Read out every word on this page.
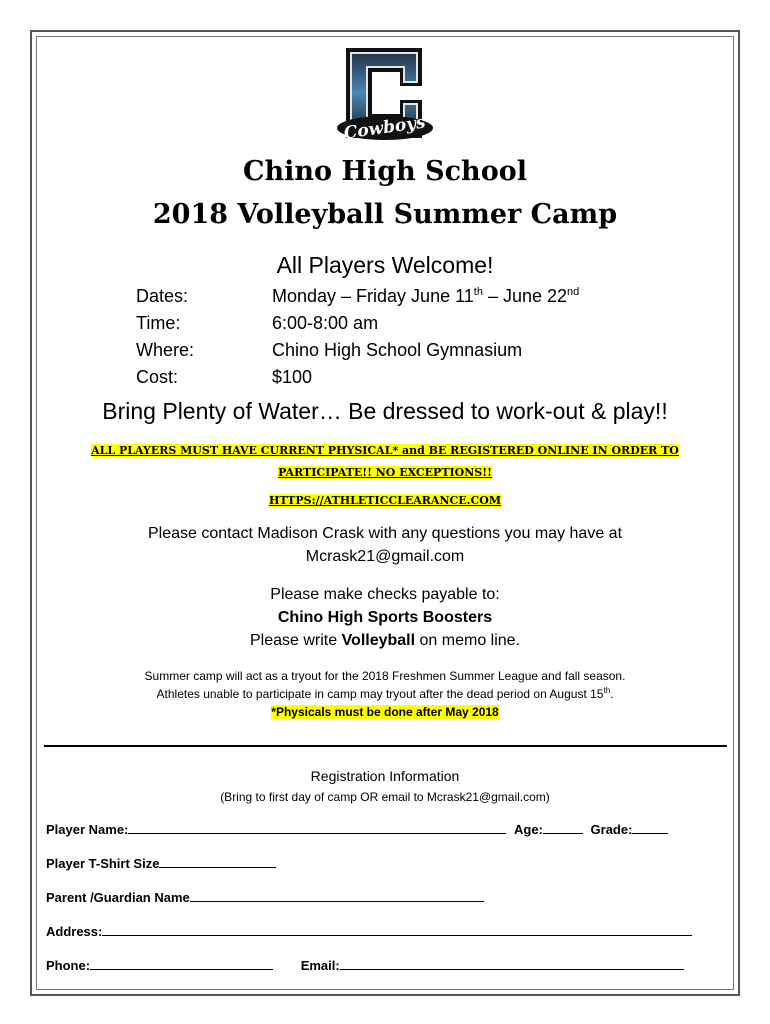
Cowboys
Chino High School
2018 Volleyball Summer Camp
All Players Welcome!
Dates:	Monday – Friday June 11th – June 22nd
Time:	6:00-8:00 am
Where:	Chino High School Gymnasium
Cost:	$100
Bring Plenty of Water… Be dressed to work-out & play!!
ALL PLAYERS MUST HAVE CURRENT PHYSICAL* and BE REGISTERED ONLINE IN ORDER TO
PARTICIPATE!! NO EXCEPTIONS!!
HTTPS://ATHLETICCLEARANCE.COM
Please contact Madison Crask with any questions you may have at
Mcrask21@gmail.com
Please make checks payable to:
Chino High Sports Boosters
Please write Volleyball on memo line.
Summer camp will act as a tryout for the 2018 Freshmen Summer League and fall season.
Athletes unable to participate in camp may tryout after the dead period on August 15th.
*Physicals must be done after May 2018
Registration Information
(Bring to first day of camp OR email to Mcrask21@gmail.com)
Player Name:	Age:	Grade:
Player T-Shirt Size
Parent /Guardian Name
Address:
Phone:	Email:
